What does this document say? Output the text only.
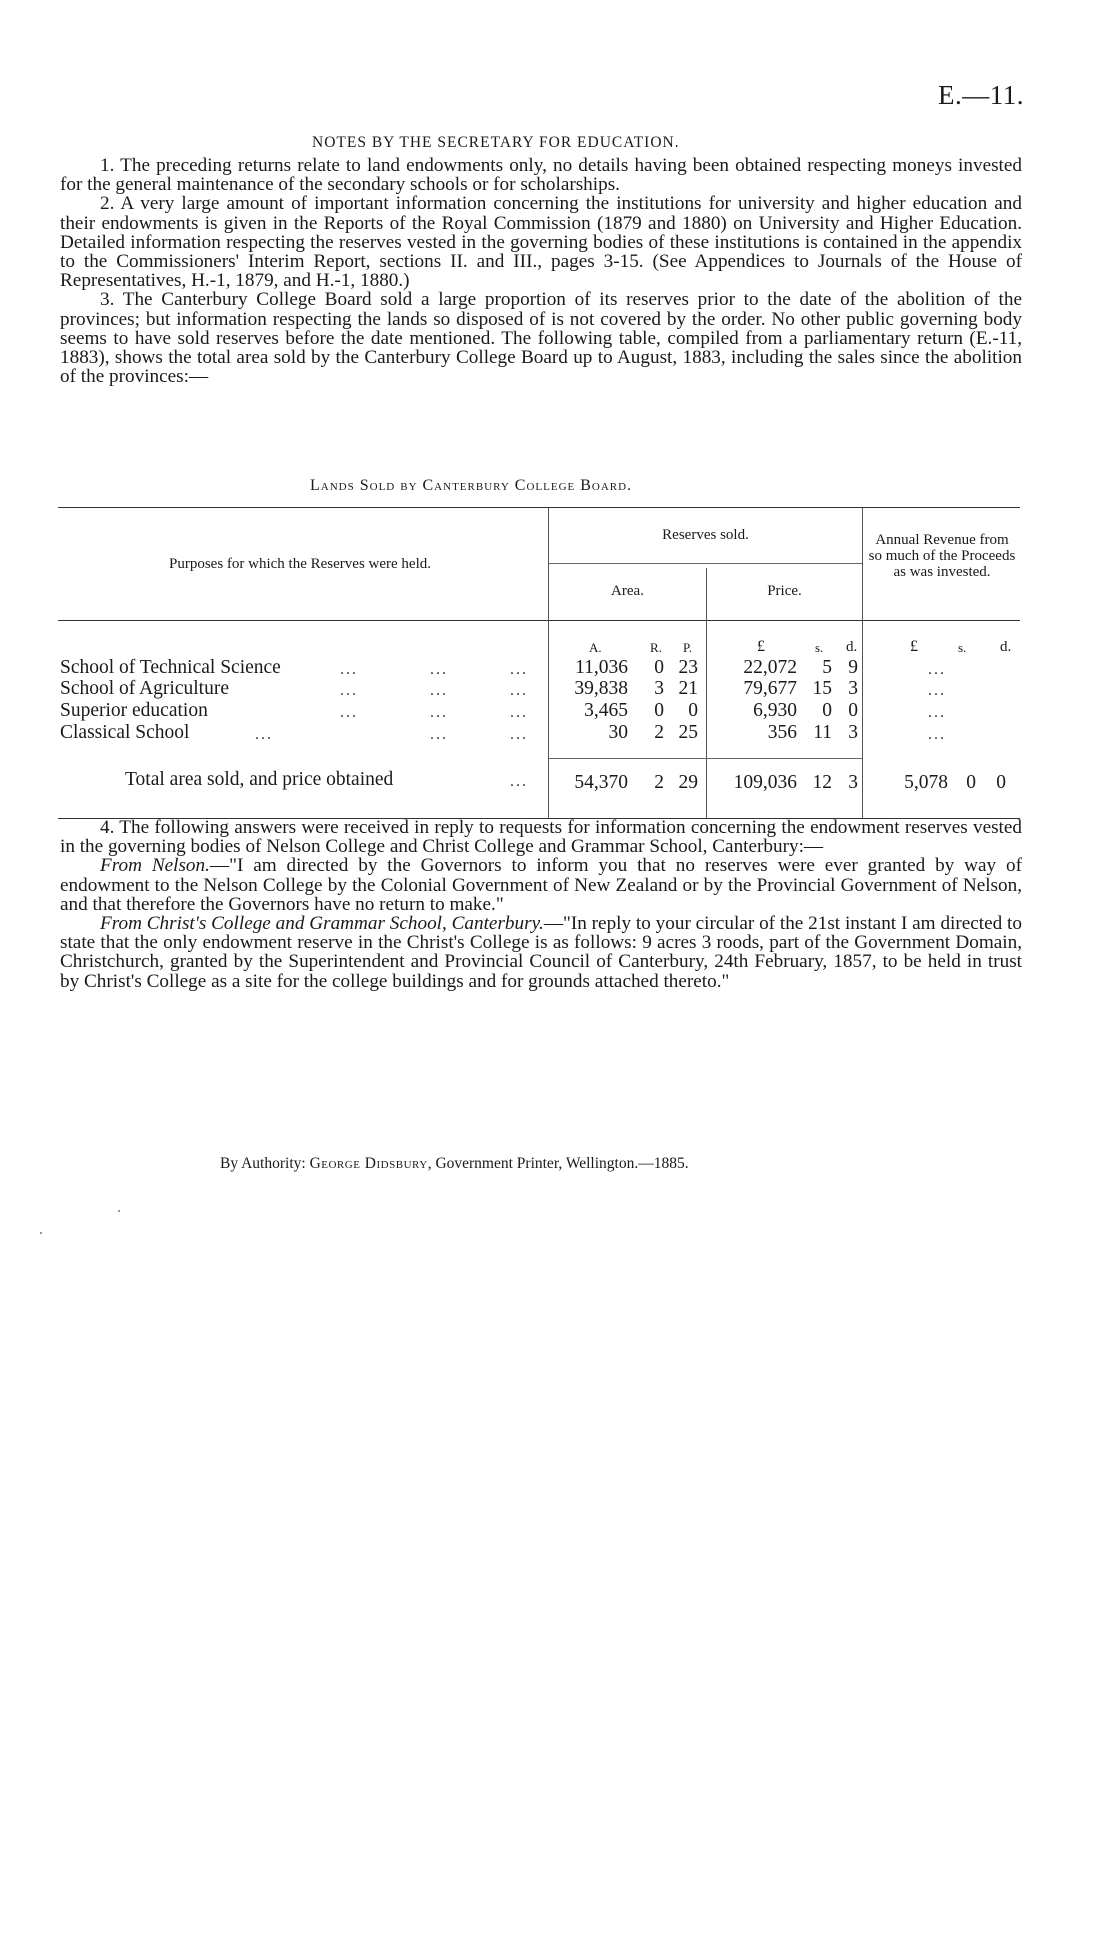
E.—11.
NOTES BY THE SECRETARY FOR EDUCATION.

1. The preceding returns relate to land endowments only, no details having been obtained respecting moneys invested for the general maintenance of the secondary schools or for scholarships.

2. A very large amount of important information concerning the institutions for university and higher education and their endowments is given in the Reports of the Royal Commission (1879 and 1880) on University and Higher Education. Detailed information respecting the reserves vested in the governing bodies of these institutions is contained in the appendix to the Commissioners' Interim Report, sections II. and III., pages 3-15. (See Appendices to Journals of the House of Representatives, H.-1, 1879, and H.-1, 1880.)

3. The Canterbury College Board sold a large proportion of its reserves prior to the date of the abolition of the provinces; but information respecting the lands so disposed of is not covered by the order. No other public governing body seems to have sold reserves before the date mentioned. The following table, compiled from a parliamentary return (E.-11, 1883), shows the total area sold by the Canterbury College Board up to August, 1883, including the sales since the abolition of the provinces:—

Lands Sold by Canterbury College Board.
Purposes for which the Reserves were held.
Reserves sold.
Area.	Price.
Annual Revenue from so much of the Proceeds as was invested.
A.	R. P.	£	s. d.	£	s. d.
School of Technical Science	...	...	...	11,036	0 23	22,072	5 9	...
School of Agriculture	...	...	...	39,838	3 21	79,677 15 3	...
Superior education	...	...	...	3,465	0	0	6,930	0 0	...
Classical School	...	...	...	30	2 25	356 11 3	...
Total area sold, and price obtained	...	54,370	2 29	109,036 12 3	5,078 0	0

4. The following answers were received in reply to requests for information concerning the endowment reserves vested in the governing bodies of Nelson College and Christ College and Grammar School, Canterbury:—

From Nelson.—"I am directed by the Governors to inform you that no reserves were ever granted by way of endowment to the Nelson College by the Colonial Government of New Zealand or by the Provincial Government of Nelson, and that therefore the Governors have no return to make."

From Christ's College and Grammar School, Canterbury.—"In reply to your circular of the 21st instant I am directed to state that the only endowment reserve in the Christ's College is as follows: 9 acres 3 roods, part of the Government Domain, Christchurch, granted by the Superintendent and Provincial Council of Canterbury, 24th February, 1857, to be held in trust by Christ's College as a site for the college buildings and for grounds attached thereto."

By Authority: George Didsbury, Government Printer, Wellington.—1885.
